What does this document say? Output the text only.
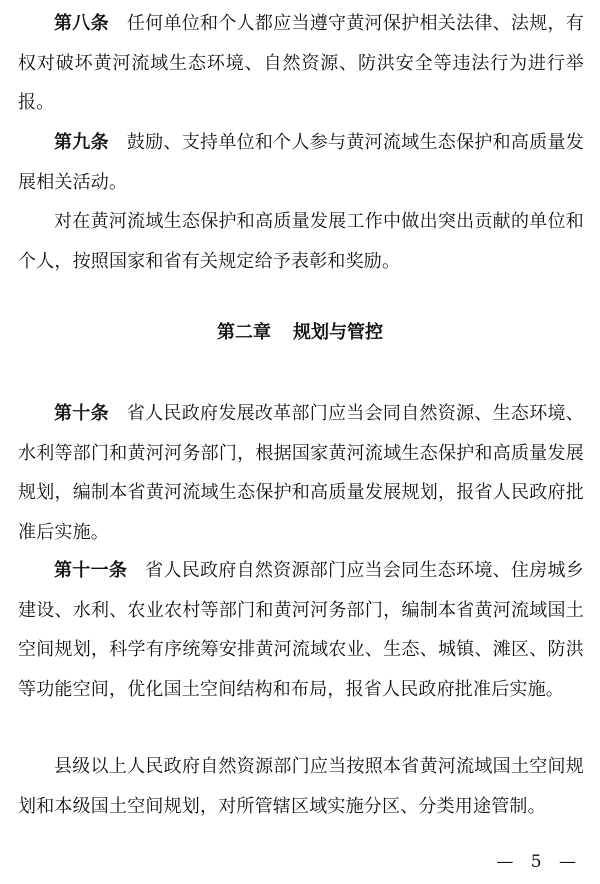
第八条 任何单位和个人都应当遵守黄河保护相关法律、法规，有权对破坏黄河流域生态环境、自然资源、防洪安全等违法行为进行举报。

第九条 鼓励、支持单位和个人参与黄河流域生态保护和高质量发展相关活动。

对在黄河流域生态保护和高质量发展工作中做出突出贡献的单位和个人，按照国家和省有关规定给予表彰和奖励。

第二章 规划与管控

第十条 省人民政府发展改革部门应当会同自然资源、生态环境、水利等部门和黄河河务部门，根据国家黄河流域生态保护和高质量发展规划，编制本省黄河流域生态保护和高质量发展规划，报省人民政府批准后实施。

第十一条 省人民政府自然资源部门应当会同生态环境、住房城乡建设、水利、农业农村等部门和黄河河务部门，编制本省黄河流域国土空间规划，科学有序统筹安排黄河流域农业、生态、城镇、滩区、防洪等功能空间，优化国土空间结构和布局，报省人民政府批准后实施。

县级以上人民政府自然资源部门应当按照本省黄河流域国土空间规划和本级国土空间规划，对所管辖区域实施分区、分类用途管制。

— 5 —
